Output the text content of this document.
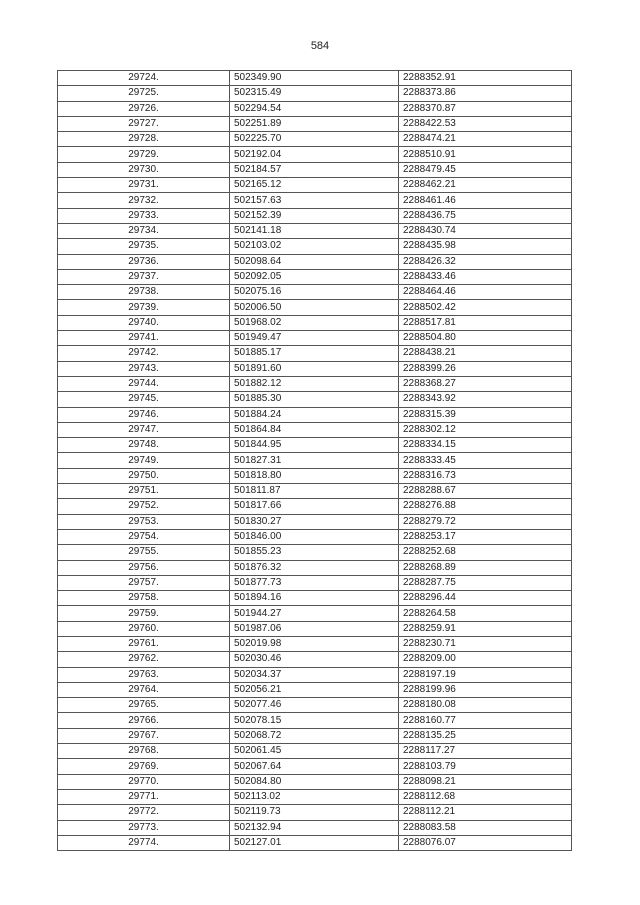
584
29724.	502349.90	2288352.91
29725.	502315.49	2288373.86
29726.	502294.54	2288370.87
29727.	502251.89	2288422.53
29728.	502225.70	2288474.21
29729.	502192.04	2288510.91
29730.	502184.57	2288479.45
29731.	502165.12	2288462.21
29732.	502157.63	2288461.46
29733.	502152.39	2288436.75
29734.	502141.18	2288430.74
29735.	502103.02	2288435.98
29736.	502098.64	2288426.32
29737.	502092.05	2288433.46
29738.	502075.16	2288464.46
29739.	502006.50	2288502.42
29740.	501968.02	2288517.81
29741.	501949.47	2288504.80
29742.	501885.17	2288438.21
29743.	501891.60	2288399.26
29744.	501882.12	2288368.27
29745.	501885.30	2288343.92
29746.	501884.24	2288315.39
29747.	501864.84	2288302.12
29748.	501844.95	2288334.15
29749.	501827.31	2288333.45
29750.	501818.80	2288316.73
29751.	501811.87	2288288.67
29752.	501817.66	2288276.88
29753.	501830.27	2288279.72
29754.	501846.00	2288253.17
29755.	501855.23	2288252.68
29756.	501876.32	2288268.89
29757.	501877.73	2288287.75
29758.	501894.16	2288296.44
29759.	501944.27	2288264.58
29760.	501987.06	2288259.91
29761.	502019.98	2288230.71
29762.	502030.46	2288209.00
29763.	502034.37	2288197.19
29764.	502056.21	2288199.96
29765.	502077.46	2288180.08
29766.	502078.15	2288160.77
29767.	502068.72	2288135.25
29768.	502061.45	2288117.27
29769.	502067.64	2288103.79
29770.	502084.80	2288098.21
29771.	502113.02	2288112.68
29772.	502119.73	2288112.21
29773.	502132.94	2288083.58
29774.	502127.01	2288076.07
